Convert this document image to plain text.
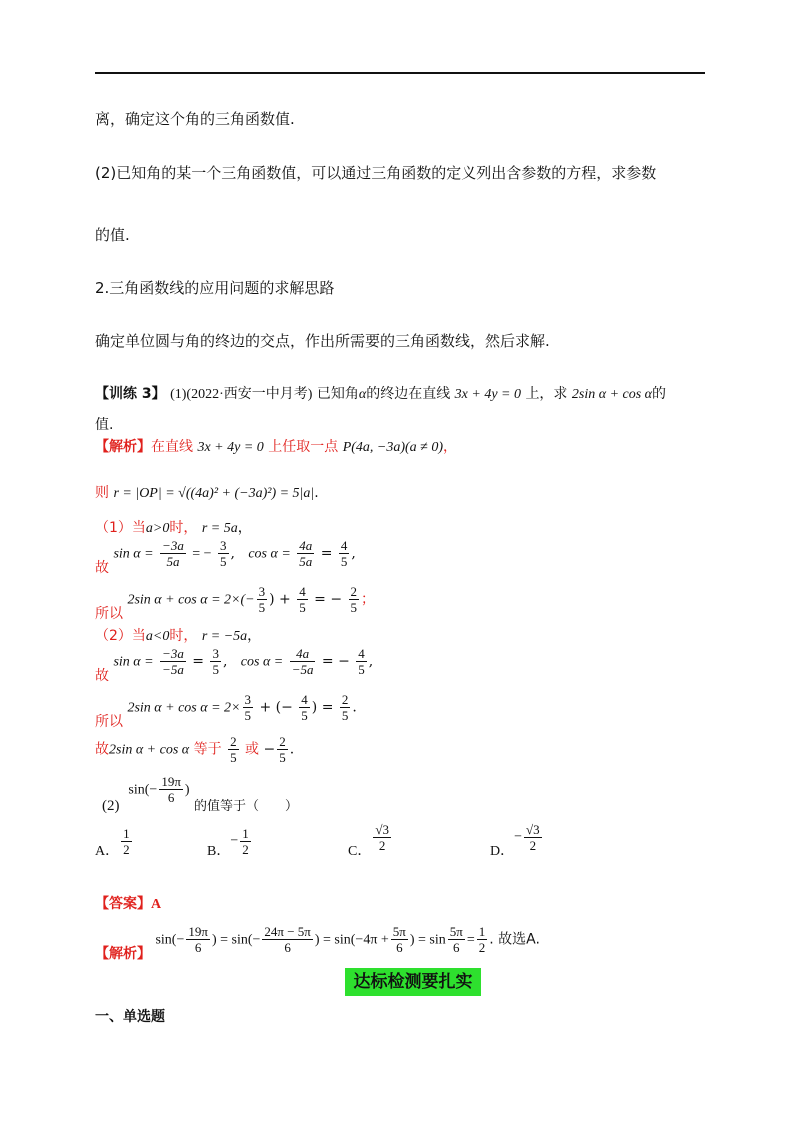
离，确定这个角的三角函数值.
(2)已知角的某一个三角函数值，可以通过三角函数的定义列出含参数的方程，求参数
的值.
2.三角函数线的应用问题的求解思路
确定单位圆与角的终边的交点，作出所需要的三角函数线，然后求解.
【训练 3】 (1)(2022·西安一中月考) 已知角α的终边在直线 3x + 4y = 0 上，求 2sin α + cos α的
值.
【解析】在直线 3x + 4y = 0 上任取一点 P(4a, −3a)(a ≠ 0)，
则 r = |OP| = √((4a)² + (−3a)²) = 5|a|.
（1）当a>0时， r = 5a，
故 $\sin \alpha = \frac{-3a}{5a}$ = − $\frac{3}{5}$ ,   $\cos \alpha = \frac{4a}{5a} = \frac{4}{5}$ ,
所以 2sin $\alpha + \cos \alpha = 2\times(- \frac{3}{5}$ ) + $\frac{4}{5}$ = − $\frac{2}{5}$ ；
（2）当a<0时， r = −5a，
故 $\sin \alpha = \frac{-3a}{-5a} = \frac{3}{5}$ ,   $\cos \alpha = \frac{4a}{-5a}$ = − $\frac{4}{5}$ ,
所以 2sin $\alpha + \cos \alpha = 2\times \frac{3}{5}$ + (− $\frac{4}{5}$ ) = $\frac{2}{5}$ .
故2sin α + cos α 等于 $\frac{2}{5}$ 或 − $\frac{2}{5}$ .
(2)  $\sin(- \frac{19\pi}{6}$ ) 的值等于（　　）
A． $\frac{1}{2}$	B．− $\frac{1}{2}$	C． $\frac{√3}{2}$	D．− $\frac{√3}{2}$
【答案】A
【解析】 $\sin(- \frac{19\pi}{6}$ ) = $\sin(- \frac{24\pi - 5\pi}{6}$ ) = $\sin(-4\pi + \frac{5\pi}{6}$ ) = $\sin \frac{5\pi}{6} = \frac{1}{2}$ . 故选A.
达标检测要扎实
一、单选题
